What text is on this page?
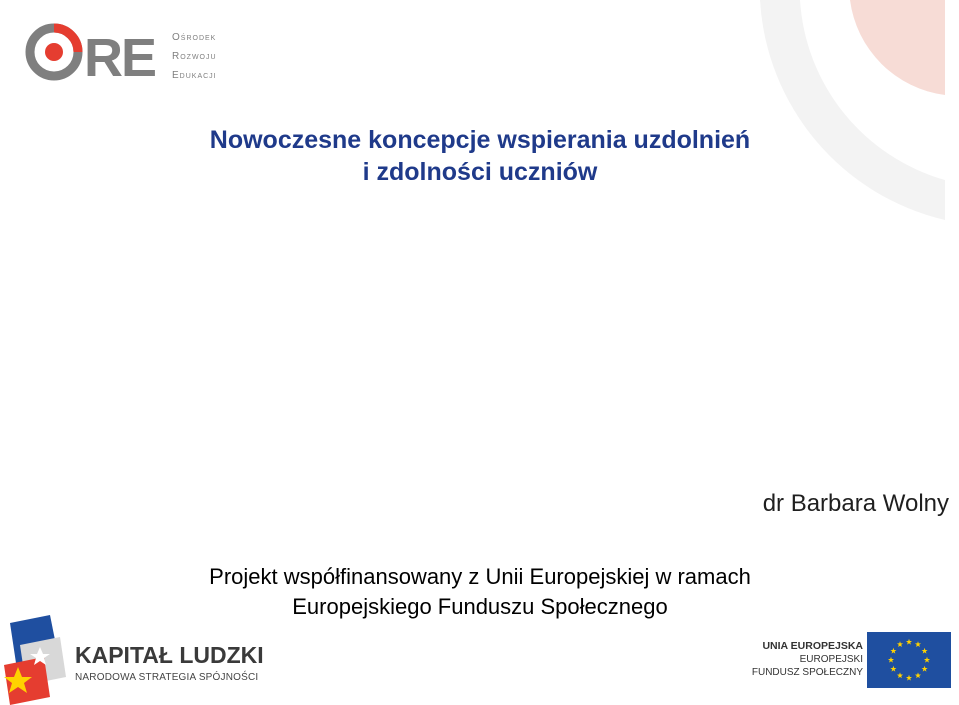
RE Ośrodek
Rozwoju
Edukacji
Nowoczesne koncepcje wspierania uzdolnień
i zdolności uczniów
dr Barbara Wolny
Projekt współfinansowany z Unii Europejskiej w ramach
Europejskiego Funduszu Społecznego
KAPITAŁ LUDZKI
NARODOWA STRATEGIA SPÓJNOŚCI
UNIA EUROPEJSKA
EUROPEJSKI
FUNDUSZ SPOŁECZNY
